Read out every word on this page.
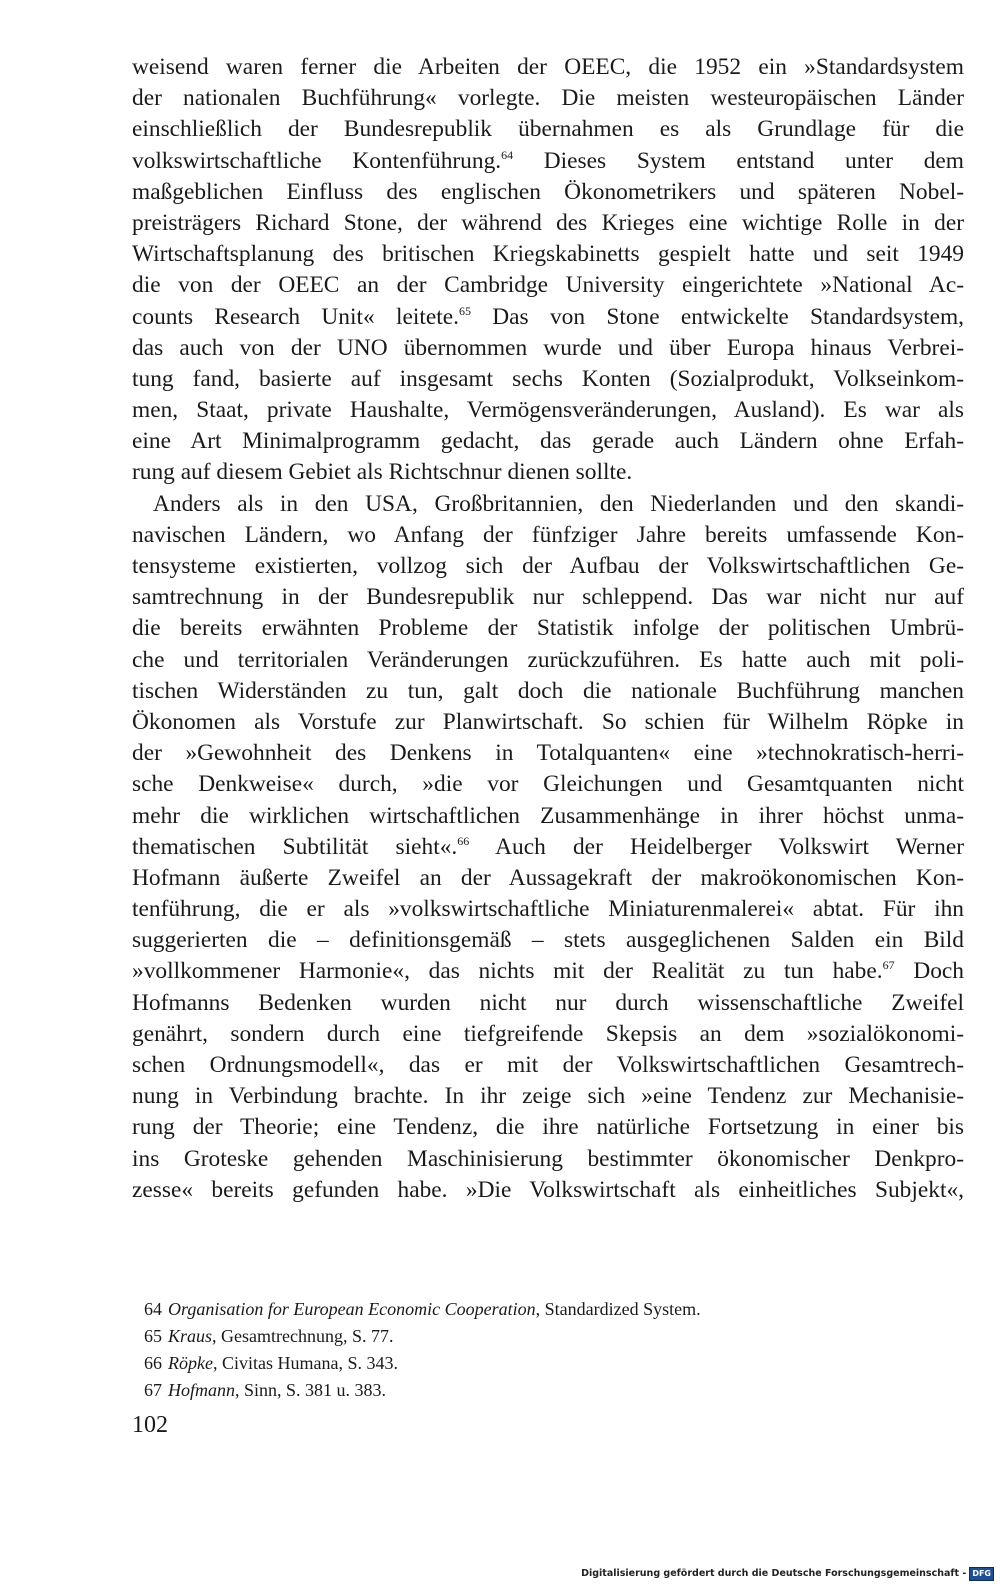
weisend waren ferner die Arbeiten der OEEC, die 1952 ein »Standardsystem
der nationalen Buchführung« vorlegte. Die meisten westeuropäischen Länder
einschließlich der Bundesrepublik übernahmen es als Grundlage für die
volkswirtschaftliche Kontenführung.$^{64}$ Dieses System entstand unter dem
maßgeblichen Einfluss des englischen Ökonometrikers und späteren Nobel-
preisträgers Richard Stone, der während des Krieges eine wichtige Rolle in der
Wirtschaftsplanung des britischen Kriegskabinetts gespielt hatte und seit 1949
die von der OEEC an der Cambridge University eingerichtete »National Ac-
counts Research Unit« leitete.$^{65}$ Das von Stone entwickelte Standardsystem,
das auch von der UNO übernommen wurde und über Europa hinaus Verbrei-
tung fand, basierte auf insgesamt sechs Konten (Sozialprodukt, Volkseinkom-
men, Staat, private Haushalte, Vermögensveränderungen, Ausland). Es war als
eine Art Minimalprogramm gedacht, das gerade auch Ländern ohne Erfah-
rung auf diesem Gebiet als Richtschnur dienen sollte.
Anders als in den USA, Großbritannien, den Niederlanden und den skandi-
navischen Ländern, wo Anfang der fünfziger Jahre bereits umfassende Kon-
tensysteme existierten, vollzog sich der Aufbau der Volkswirtschaftlichen Ge-
samtrechnung in der Bundesrepublik nur schleppend. Das war nicht nur auf
die bereits erwähnten Probleme der Statistik infolge der politischen Umbrü-
che und territorialen Veränderungen zurückzuführen. Es hatte auch mit poli-
tischen Widerständen zu tun, galt doch die nationale Buchführung manchen
Ökonomen als Vorstufe zur Planwirtschaft. So schien für Wilhelm Röpke in
der »Gewohnheit des Denkens in Totalquanten« eine »technokratisch-herri-
sche Denkweise« durch, »die vor Gleichungen und Gesamtquanten nicht
mehr die wirklichen wirtschaftlichen Zusammenhänge in ihrer höchst unma-
thematischen Subtilität sieht«.$^{66}$ Auch der Heidelberger Volkswirt Werner
Hofmann äußerte Zweifel an der Aussagekraft der makroökonomischen Kon-
tenführung, die er als »volkswirtschaftliche Miniaturenmalerei« abtat. Für ihn
suggerierten die – definitionsgemäß – stets ausgeglichenen Salden ein Bild
»vollkommener Harmonie«, das nichts mit der Realität zu tun habe.$^{67}$ Doch
Hofmanns Bedenken wurden nicht nur durch wissenschaftliche Zweifel
genährt, sondern durch eine tiefgreifende Skepsis an dem »sozialökonomi-
schen Ordnungsmodell«, das er mit der Volkswirtschaftlichen Gesamtrech-
nung in Verbindung brachte. In ihr zeige sich »eine Tendenz zur Mechanisie-
rung der Theorie; eine Tendenz, die ihre natürliche Fortsetzung in einer bis
ins Groteske gehenden Maschinisierung bestimmter ökonomischer Denkpro-
zesse« bereits gefunden habe. »Die Volkswirtschaft als einheitliches Subjekt«,
64 Organisation for European Economic Cooperation, Standardized System.
65 Kraus, Gesamtrechnung, S. 77.
66 Röpke, Civitas Humana, S. 343.
67 Hofmann, Sinn, S. 381 u. 383.
102
Digitalisierung gefördert durch die Deutsche Forschungsgemeinschaft - DFG
